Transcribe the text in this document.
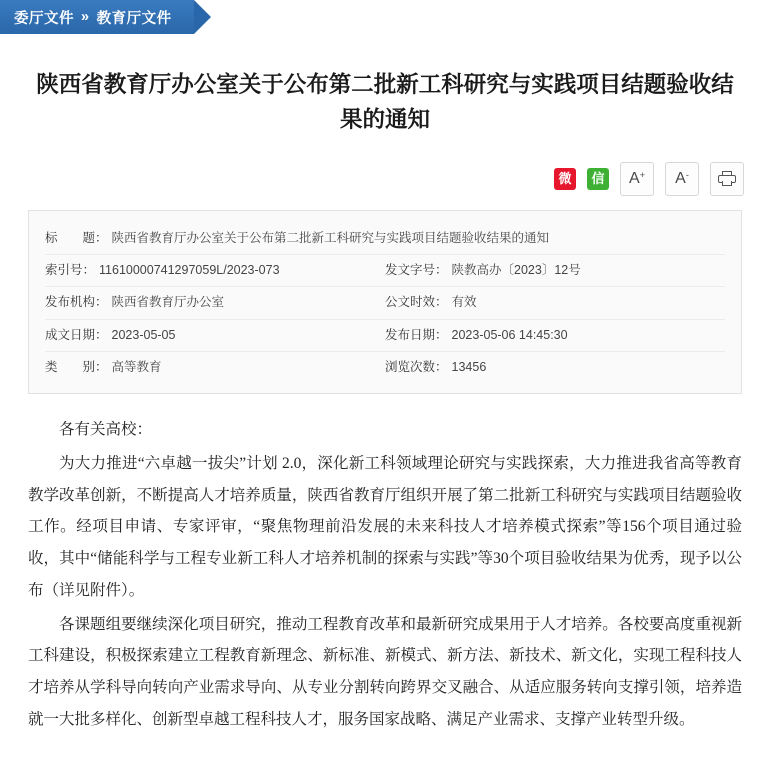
委厅文件 » 教育厅文件
陕西省教育厅办公室关于公布第二批新工科研究与实践项目结题验收结果的通知
微	信 A+ A-
标　　题： 陕西省教育厅办公室关于公布第二批新工科研究与实践项目结题验收结果的通知
索引号： 11610000741297059L/2023-073	发文字号： 陕教高办〔2023〕12号
发布机构： 陕西省教育厅办公室	公文时效： 有效
成文日期： 2023-05-05	发布日期： 2023-05-06 14:45:30
类　　别： 高等教育	浏览次数： 13456

各有关高校：

为大力推进“六卓越一拔尖”计划 2.0，深化新工科领域理论研究与实践探索，大力推进我省高等教育教学改革创新，不断提高人才培养质量，陕西省教育厅组织开展了第二批新工科研究与实践项目结题验收工作。经项目申请、专家评审，“聚焦物理前沿发展的未来科技人才培养模式探索”等156个项目通过验收，其中“储能科学与工程专业新工科人才培养机制的探索与实践”等30个项目验收结果为优秀，现予以公布（详见附件）。

各课题组要继续深化项目研究，推动工程教育改革和最新研究成果用于人才培养。各校要高度重视新工科建设，积极探索建立工程教育新理念、新标准、新模式、新方法、新技术、新文化，实现工程科技人才培养从学科导向转向产业需求导向、从专业分割转向跨界交叉融合、从适应服务转向支撑引领，培养造就一大批多样化、创新型卓越工程科技人才，服务国家战略、满足产业需求、支撑产业转型升级。
